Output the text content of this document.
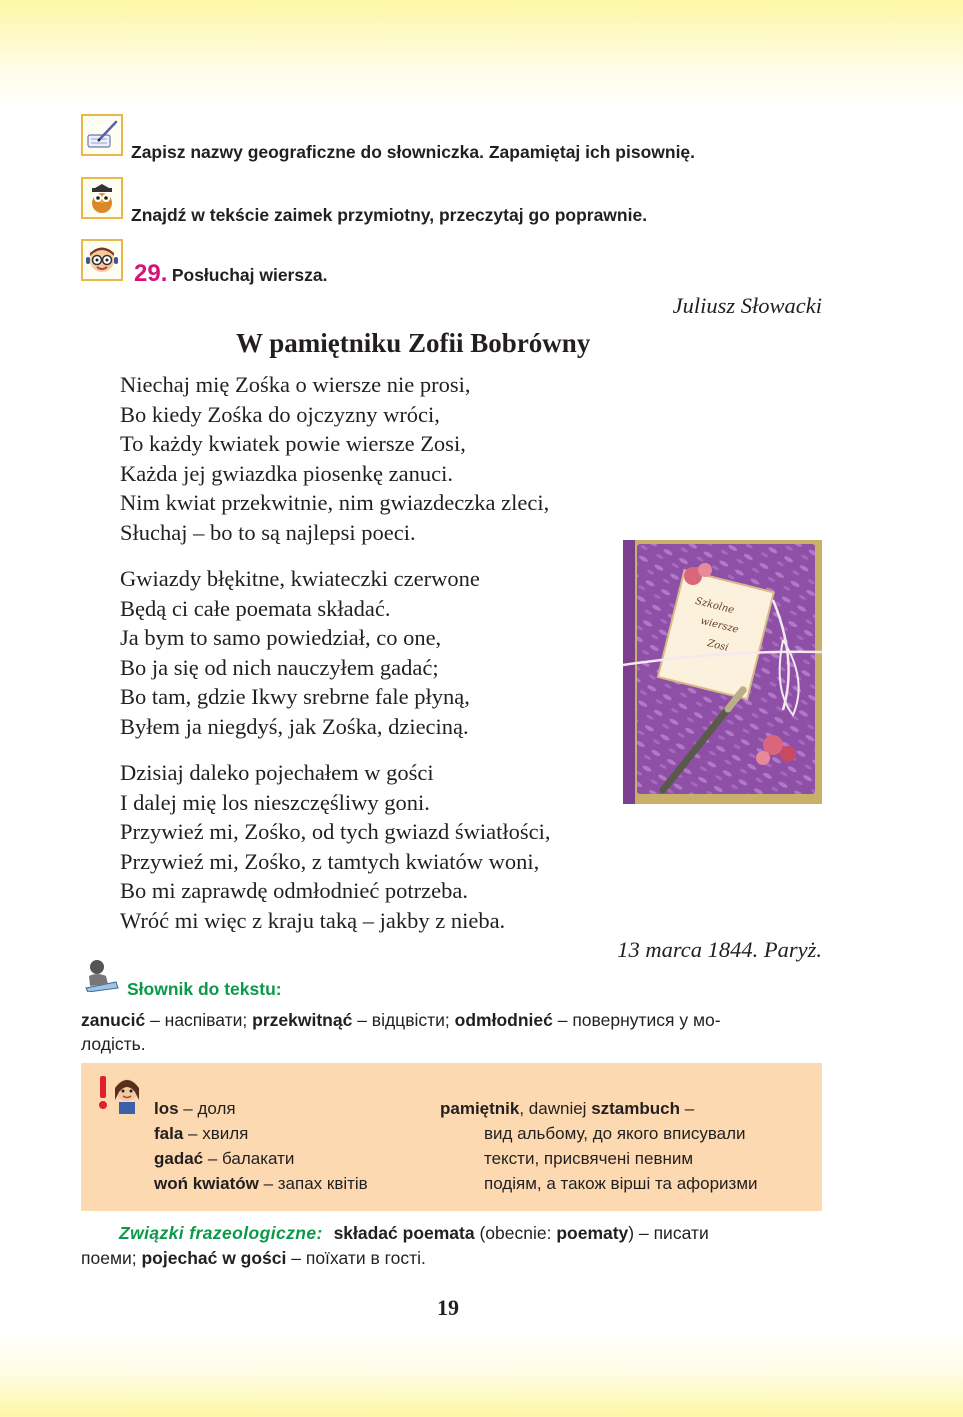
Zapisz nazwy geograficzne do słowniczka. Zapamiętaj ich pisownię.
Znajdź w tekście zaimek przymiotny, przeczytaj go poprawnie.
29. Posłuchaj wiersza.
Juliusz Słowacki
W pamiętniku Zofii Bobrówny
Niechaj mię Zośka o wiersze nie prosi,
Bo kiedy Zośka do ojczyzny wróci,
To każdy kwiatek powie wiersze Zosi,
Każda jej gwiazdka piosenkę zanuci.
Nim kwiat przekwitnie, nim gwiazdeczka zleci,
Słuchaj – bo to są najlepsi poeci.
Gwiazdy błękitne, kwiateczki czerwone
Będą ci całe poemata składać.
Ja bym to samo powiedział, co one,
Bo ja się od nich nauczyłem gadać;
Bo tam, gdzie Ikwy srebrne fale płyną,
Byłem ja niegdyś, jak Zośka, dzieciną.
Dzisiaj daleko pojechałem w gości
I dalej mię los nieszczęśliwy goni.
Przywieź mi, Zośko, od tych gwiazd światłości,
Przywieź mi, Zośko, z tamtych kwiatów woni,
Bo mi zaprawdę odmłodnieć potrzeba.
Wróć mi więc z kraju taką – jakby z nieba.
13 marca 1844. Paryż.
Szkolne
wiersze
Zosi
Słownik do tekstu:
zanucić – наспівати; przekwitnąć – відцвісти; odmłodnieć – повернутися у мо-
лодість.
los – доля
fala – хвиля
gadać – балакати
woń kwiatów – запах квітів
pamiętnik, dawniej sztambuch –
вид альбому, до якого вписували
тексти, присвячені певним
подіям, а також вірші та афоризми
Związki frazeologiczne: składać poemata (obecnie: poematy) – писати
поеми; pojechać w gości – поїхати в гості.
19
